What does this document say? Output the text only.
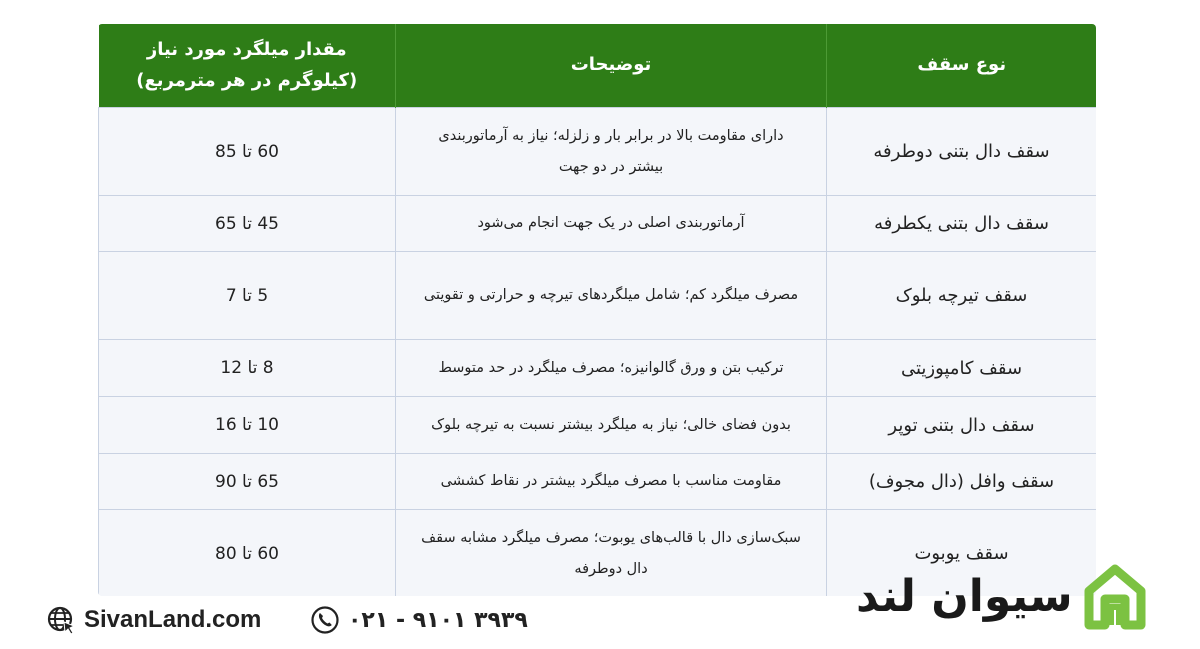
نوع سقف	توضیحات	مقدار میلگرد مورد نیاز
(کیلوگرم در هر مترمربع)

سقف دال بتنی دوطرفه	دارای مقاومت بالا در برابر بار و زلزله؛ نیاز به آرماتوربندی بیشتر در دو جهت	60 تا 85
سقف دال بتنی یکطرفه	آرماتوربندی اصلی در یک جهت انجام می‌شود	45 تا 65
سقف تیرچه بلوک	مصرف میلگرد کم؛ شامل میلگردهای تیرچه و حرارتی و تقویتی	5 تا 7
سقف کامپوزیتی	ترکیب بتن و ورق گالوانیزه؛ مصرف میلگرد در حد متوسط	8 تا 12
سقف دال بتنی توپر	بدون فضای خالی؛ نیاز به میلگرد بیشتر نسبت به تیرچه بلوک	10 تا 16
سقف وافل (دال مجوف)	مقاومت مناسب با مصرف میلگرد بیشتر در نقاط کششی	65 تا 90
سقف یوبوت	سبک‌سازی دال با قالب‌های یوبوت؛ مصرف میلگرد مشابه سقف دال دوطرفه	60 تا 80
SivanLand.com	۰۲۱ - ۹۱۰۱ ۳۹۳۹	سیوان لند
